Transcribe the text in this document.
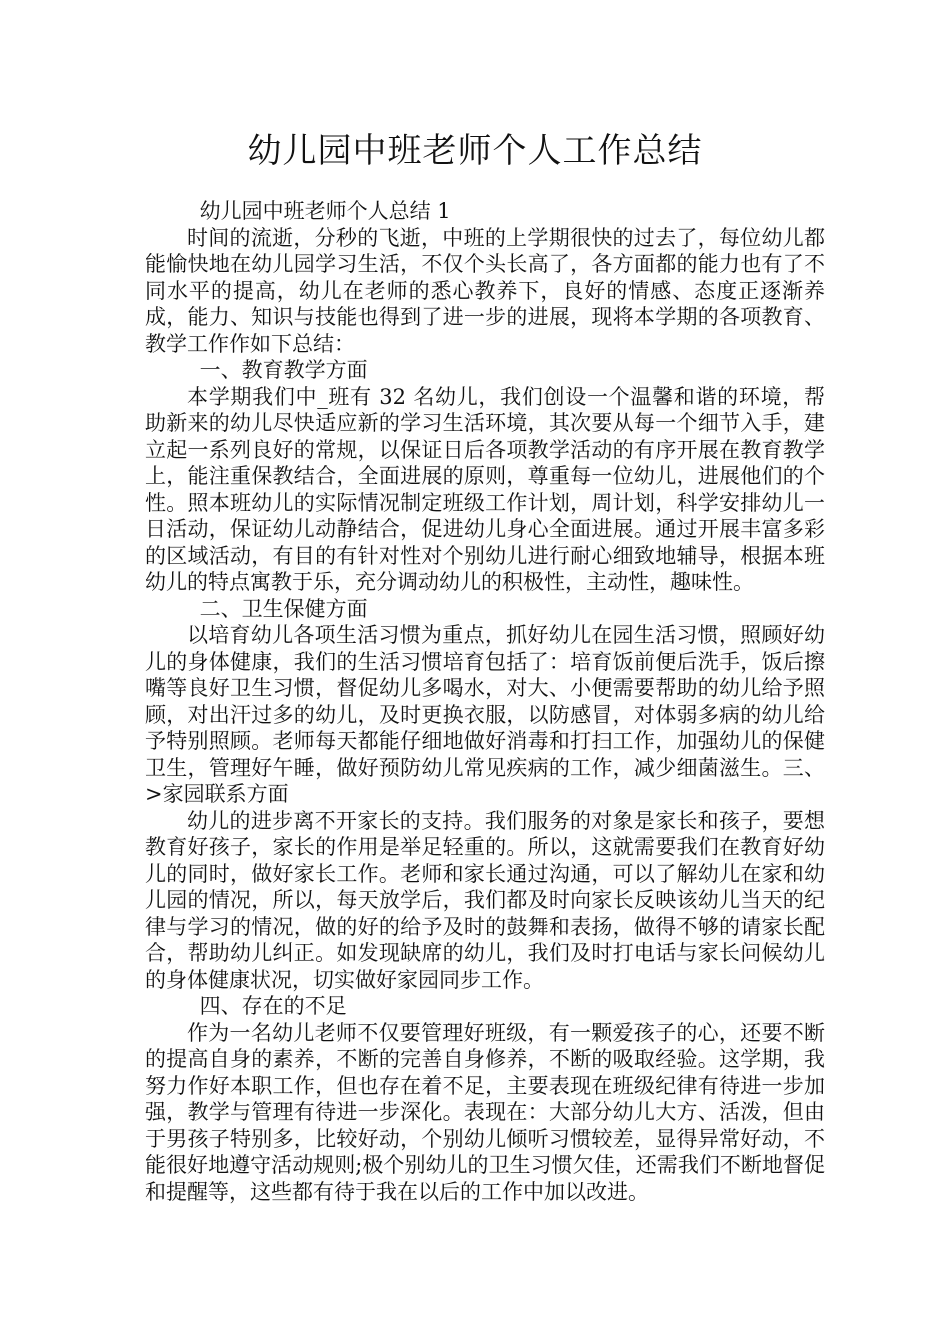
幼儿园中班老师个人工作总结

幼儿园中班老师个人总结 1

时间的流逝，分秒的飞逝，中班的上学期很快的过去了，每位幼儿都能愉快地在幼儿园学习生活，不仅个头长高了，各方面都的能力也有了不同水平的提高，幼儿在老师的悉心教养下，良好的情感、态度正逐渐养成，能力、知识与技能也得到了进一步的进展，现将本学期的各项教育、教学工作作如下总结：

一、教育教学方面

本学期我们中_班有 32 名幼儿，我们创设一个温馨和谐的环境，帮助新来的幼儿尽快适应新的学习生活环境，其次要从每一个细节入手，建立起一系列良好的常规，以保证日后各项教学活动的有序开展在教育教学上，能注重保教结合，全面进展的原则，尊重每一位幼儿，进展他们的个性。照本班幼儿的实际情况制定班级工作计划，周计划，科学安排幼儿一日活动，保证幼儿动静结合，促进幼儿身心全面进展。通过开展丰富多彩的区域活动，有目的有针对性对个别幼儿进行耐心细致地辅导，根据本班幼儿的特点寓教于乐，充分调动幼儿的积极性，主动性，趣味性。

二、卫生保健方面

以培育幼儿各项生活习惯为重点，抓好幼儿在园生活习惯，照顾好幼儿的身体健康，我们的生活习惯培育包括了：培育饭前便后洗手，饭后擦嘴等良好卫生习惯，督促幼儿多喝水，对大、小便需要帮助的幼儿给予照顾，对出汗过多的幼儿，及时更换衣服，以防感冒，对体弱多病的幼儿给予特别照顾。老师每天都能仔细地做好消毒和打扫工作，加强幼儿的保健卫生，管理好午睡，做好预防幼儿常见疾病的工作，减少细菌滋生。三、>家园联系方面

幼儿的进步离不开家长的支持。我们服务的对象是家长和孩子，要想教育好孩子，家长的作用是举足轻重的。所以，这就需要我们在教育好幼儿的同时，做好家长工作。老师和家长通过沟通，可以了解幼儿在家和幼儿园的情况，所以，每天放学后，我们都及时向家长反映该幼儿当天的纪律与学习的情况，做的好的给予及时的鼓舞和表扬，做得不够的请家长配合，帮助幼儿纠正。如发现缺席的幼儿，我们及时打电话与家长问候幼儿的身体健康状况，切实做好家园同步工作。

四、存在的不足

作为一名幼儿老师不仅要管理好班级，有一颗爱孩子的心，还要不断的提高自身的素养，不断的完善自身修养，不断的吸取经验。这学期，我努力作好本职工作，但也存在着不足，主要表现在班级纪律有待进一步加强，教学与管理有待进一步深化。表现在：大部分幼儿大方、活泼，但由于男孩子特别多，比较好动，个别幼儿倾听习惯较差，显得异常好动，不能很好地遵守活动规则;极个别幼儿的卫生习惯欠佳，还需我们不断地督促和提醒等，这些都有待于我在以后的工作中加以改进。
